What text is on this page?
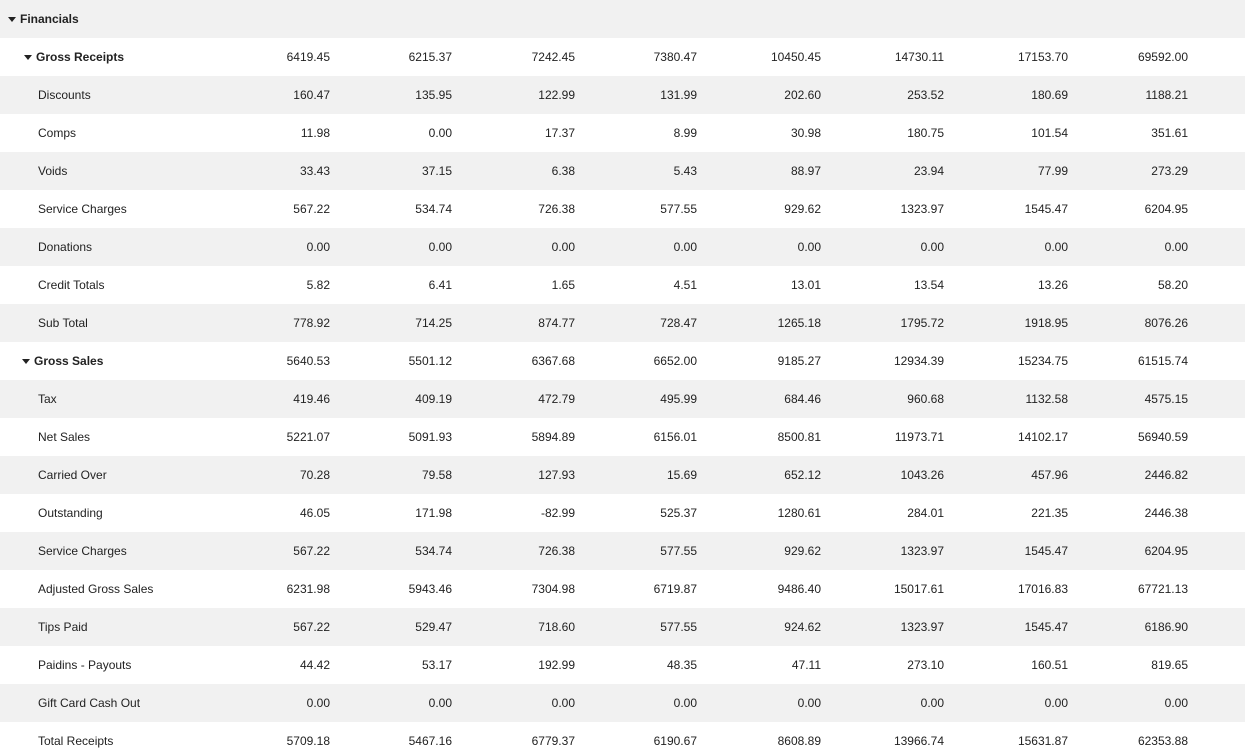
Financials
Gross Receipts	6419.45	6215.37	7242.45	7380.47	10450.45	14730.11	17153.70	69592.00
Discounts	160.47	135.95	122.99	131.99	202.60	253.52	180.69	1188.21
Comps	11.98	0.00	17.37	8.99	30.98	180.75	101.54	351.61
Voids	33.43	37.15	6.38	5.43	88.97	23.94	77.99	273.29
Service Charges	567.22	534.74	726.38	577.55	929.62	1323.97	1545.47	6204.95
Donations	0.00	0.00	0.00	0.00	0.00	0.00	0.00	0.00
Credit Totals	5.82	6.41	1.65	4.51	13.01	13.54	13.26	58.20
Sub Total	778.92	714.25	874.77	728.47	1265.18	1795.72	1918.95	8076.26
Gross Sales	5640.53	5501.12	6367.68	6652.00	9185.27	12934.39	15234.75	61515.74
Tax	419.46	409.19	472.79	495.99	684.46	960.68	1132.58	4575.15
Net Sales	5221.07	5091.93	5894.89	6156.01	8500.81	11973.71	14102.17	56940.59
Carried Over	70.28	79.58	127.93	15.69	652.12	1043.26	457.96	2446.82
Outstanding	46.05	171.98	-82.99	525.37	1280.61	284.01	221.35	2446.38
Service Charges	567.22	534.74	726.38	577.55	929.62	1323.97	1545.47	6204.95
Adjusted Gross Sales	6231.98	5943.46	7304.98	6719.87	9486.40	15017.61	17016.83	67721.13
Tips Paid	567.22	529.47	718.60	577.55	924.62	1323.97	1545.47	6186.90
Paidins - Payouts	44.42	53.17	192.99	48.35	47.11	273.10	160.51	819.65
Gift Card Cash Out	0.00	0.00	0.00	0.00	0.00	0.00	0.00	0.00
Total Receipts	5709.18	5467.16	6779.37	6190.67	8608.89	13966.74	15631.87	62353.88
